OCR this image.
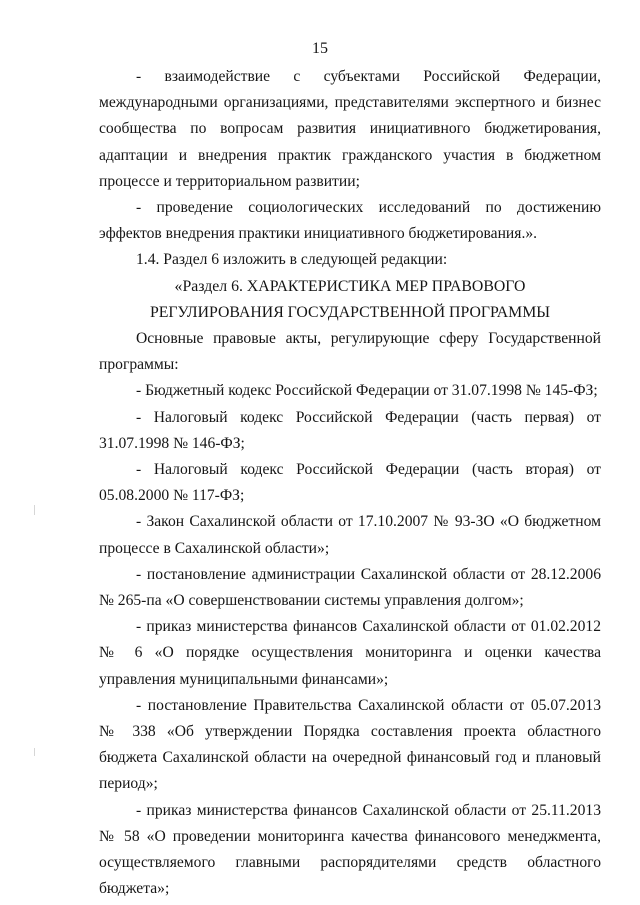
15

- взаимодействие с субъектами Российской Федерации, международными организациями, представителями экспертного и бизнес сообщества по вопросам развития инициативного бюджетирования, адаптации и внедрения практик гражданского участия в бюджетном процессе и территориальном развитии;

- проведение социологических исследований по достижению эффектов внедрения практики инициативного бюджетирования.».

1.4. Раздел 6 изложить в следующей редакции:

«Раздел 6. ХАРАКТЕРИСТИКА МЕР ПРАВОВОГО

РЕГУЛИРОВАНИЯ ГОСУДАРСТВЕННОЙ ПРОГРАММЫ

Основные правовые акты, регулирующие сферу Государственной программы:

- Бюджетный кодекс Российской Федерации от 31.07.1998 № 145-ФЗ;

- Налоговый кодекс Российской Федерации (часть первая) от 31.07.1998 № 146-ФЗ;

- Налоговый кодекс Российской Федерации (часть вторая) от 05.08.2000 № 117-ФЗ;

- Закон Сахалинской области от 17.10.2007 № 93-ЗО «О бюджетном процессе в Сахалинской области»;

- постановление администрации Сахалинской области от 28.12.2006 № 265-па «О совершенствовании системы управления долгом»;

- приказ министерства финансов Сахалинской области от 01.02.2012 № 6 «О порядке осуществления мониторинга и оценки качества управления муниципальными финансами»;

- постановление Правительства Сахалинской области от 05.07.2013 № 338 «Об утверждении Порядка составления проекта областного бюджета Сахалинской области на очередной финансовый год и плановый период»;

- приказ министерства финансов Сахалинской области от 25.11.2013 № 58 «О проведении мониторинга качества финансового менеджмента, осуществляемого главными распорядителями средств областного бюджета»;
